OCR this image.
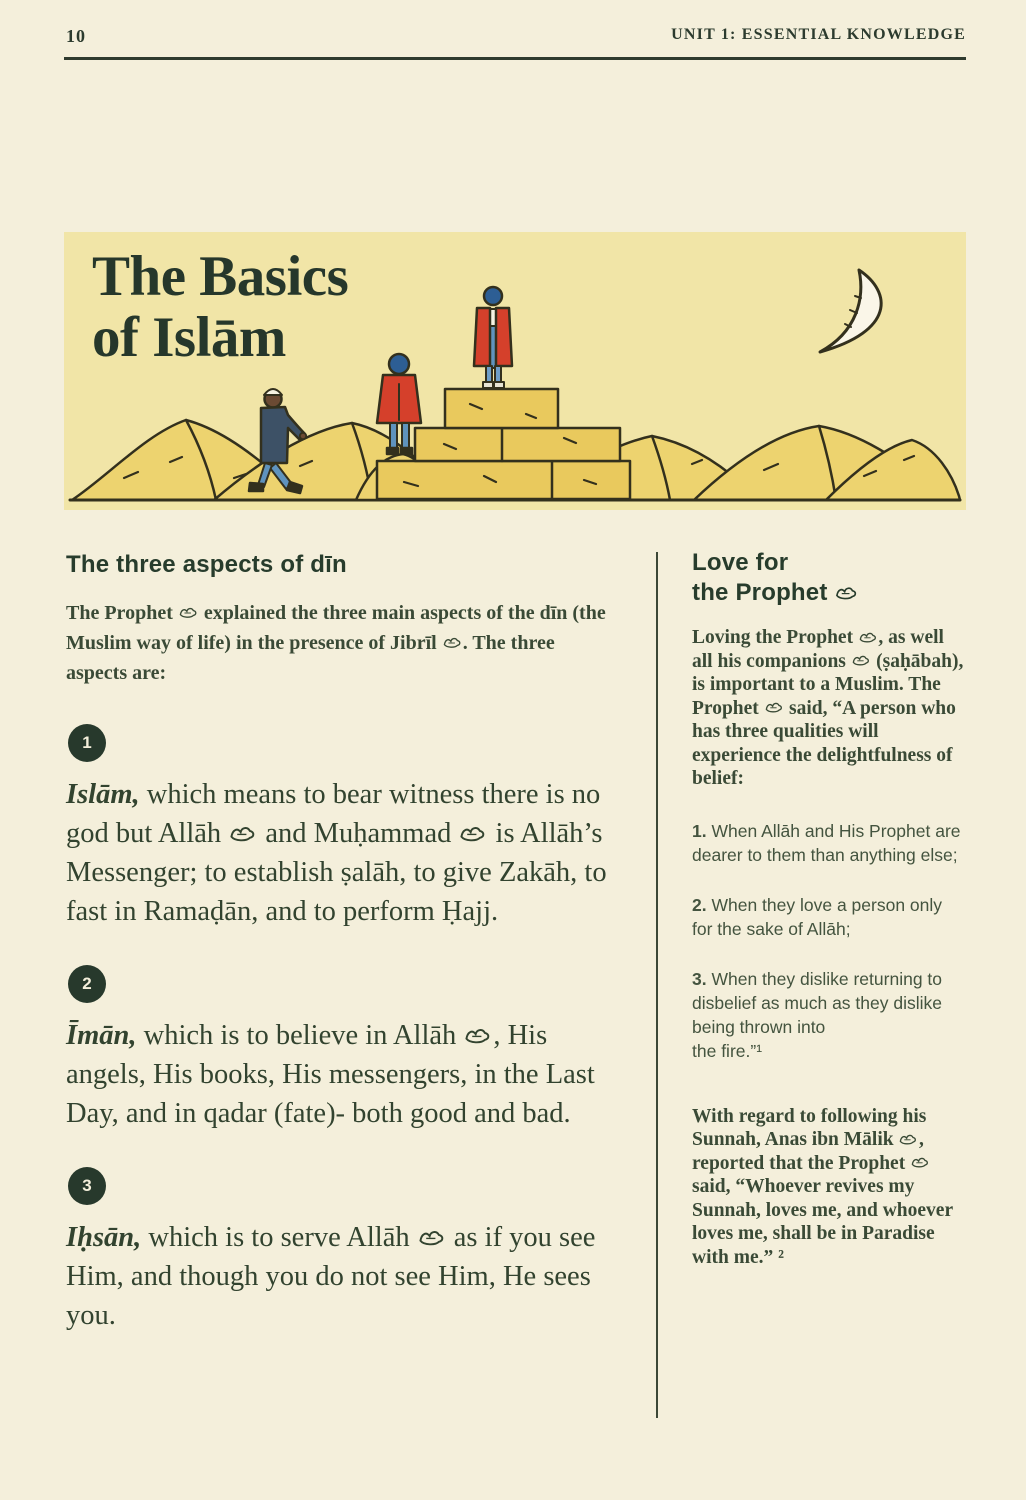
10	UNIT 1: ESSENTIAL KNOWLEDGE
The Basics
of Islām
The three aspects of dīn

The Prophet
explained the three main aspects of the dīn (the Muslim way of life) in the presence of Jibrīl
. The three aspects are:

1

Islām, which means to bear witness there is no god but Allāh
and Muḥammad
is Allāh’s Messenger; to establish ṣalāh, to give Zakāh, to fast in Ramaḍān, and to perform Ḥajj.

2

Īmān, which is to believe in Allāh
, His angels, His books, His messengers, in the Last Day, and in qadar (fate)- both good and bad.

3

Iḥsān, which is to serve Allāh
as if you see Him, and though you do not see Him, He sees you.

Love for
the Prophet

Loving the Prophet
, as well all his companions
(ṣaḥābah), is important to a Muslim. The Prophet
said, “A person who has three qualities will experience the delightfulness of belief:

1. When Allāh and His Prophet are dearer to them than anything else;

2. When they love a person only for the sake of Allāh;

3. When they dislike returning to disbelief as much as they dislike being thrown into
the fire.”¹

With regard to following his Sunnah, Anas ibn Mālik
, reported that the Prophet
said, “Whoever revives my Sunnah, loves me, and whoever loves me, shall be in Paradise with me.” ²
